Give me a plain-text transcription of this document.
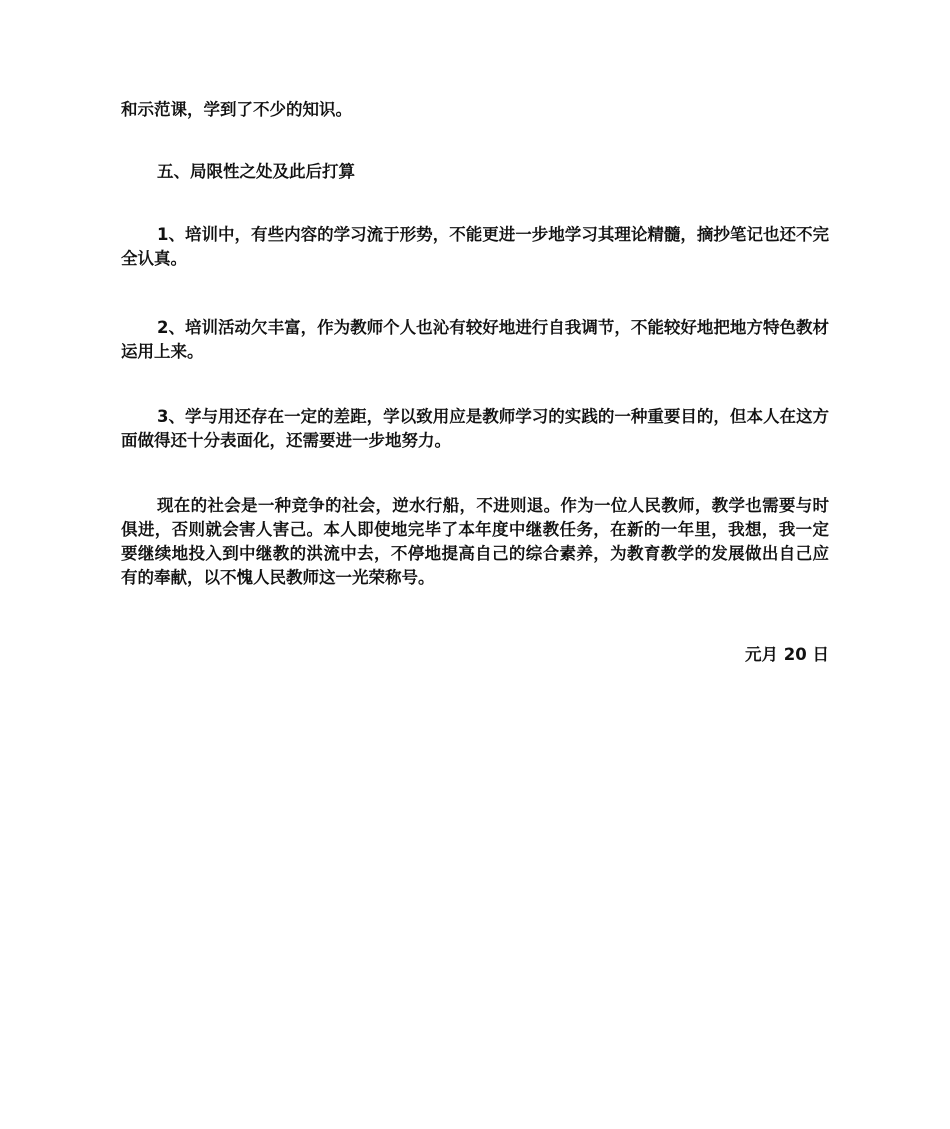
和示范课，学到了不少的知识。

五、局限性之处及此后打算

1、培训中，有些内容的学习流于形势，不能更进一步地学习其理论精髓，摘抄笔记也还不完全认真。

2、培训活动欠丰富，作为教师个人也沁有较好地进行自我调节，不能较好地把地方特色教材运用上来。

3、学与用还存在一定的差距，学以致用应是教师学习的实践的一种重要目的，但本人在这方面做得还十分表面化，还需要进一步地努力。

现在的社会是一种竞争的社会，逆水行船，不进则退。作为一位人民教师，教学也需要与时俱进，否则就会害人害己。本人即使地完毕了本年度中继教任务，在新的一年里，我想，我一定要继续地投入到中继教的洪流中去，不停地提高自己的综合素养，为教育教学的发展做出自己应有的奉献，以不愧人民教师这一光荣称号。

元月 20 日
